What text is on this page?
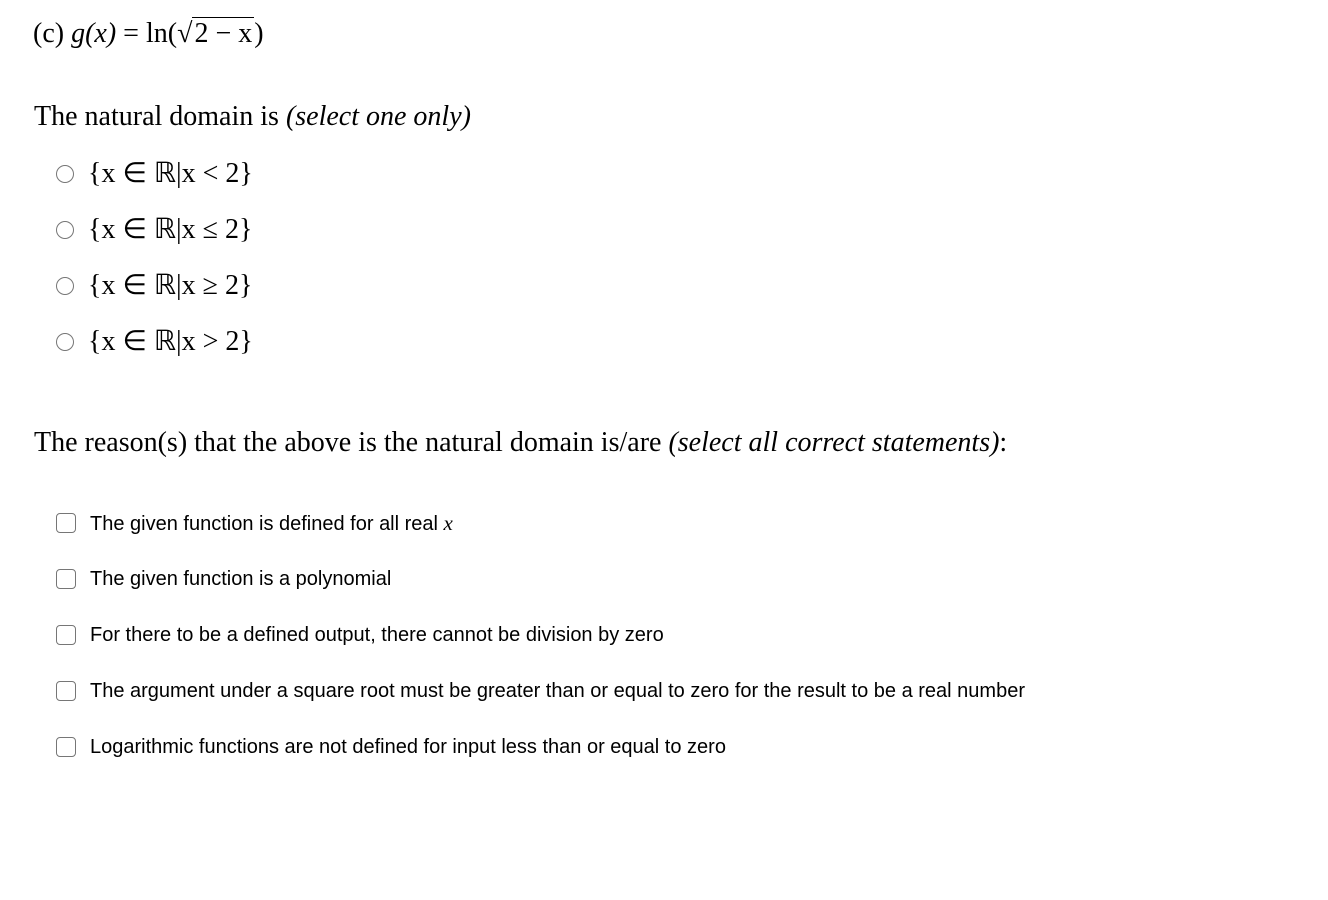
(c) g(x) = ln(√2 − x)
The natural domain is (select one only)
{x ∈ ℝ|x < 2}
{x ∈ ℝ|x ≤ 2}
{x ∈ ℝ|x ≥ 2}
{x ∈ ℝ|x > 2}
The reason(s) that the above is the natural domain is/are (select all correct statements):
The given function is defined for all real x
The given function is a polynomial
For there to be a defined output, there cannot be division by zero
The argument under a square root must be greater than or equal to zero for the result to be a real number
Logarithmic functions are not defined for input less than or equal to zero
